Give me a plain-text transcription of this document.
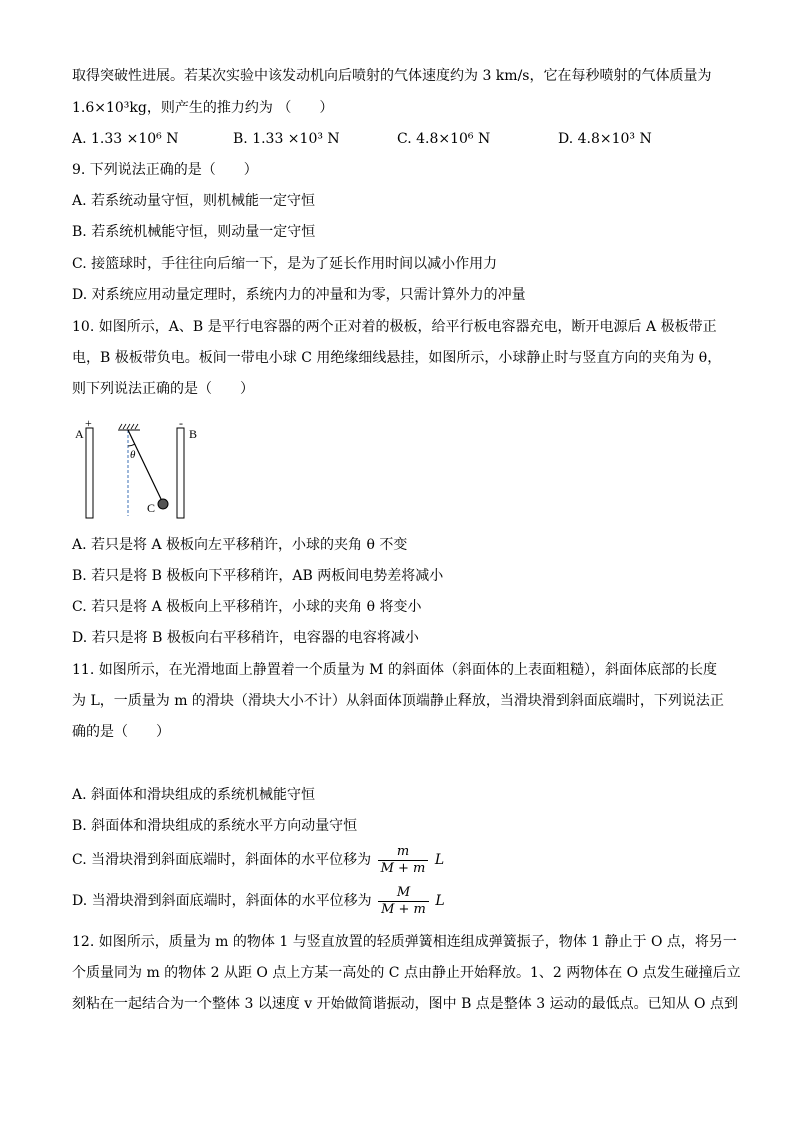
取得突破性进展。若某次实验中该发动机向后喷射的气体速度约为 3 km/s，它在每秒喷射的气体质量为
1.6×10³kg，则产生的推力约为 （　　）
A. 1.33 ×10⁶ N	B. 1.33 ×10³ N	C. 4.8×10⁶ N	D. 4.8×10³ N
9. 下列说法正确的是（　　）
A. 若系统动量守恒，则机械能一定守恒
B. 若系统机械能守恒，则动量一定守恒
C. 接篮球时，手往往向后缩一下，是为了延长作用时间以减小作用力
D. 对系统应用动量定理时，系统内力的冲量和为零，只需计算外力的冲量
10. 如图所示，A、B 是平行电容器的两个正对着的极板，给平行板电容器充电，断开电源后 A 极板带正
电，B 极板带负电。板间一带电小球 C 用绝缘细线悬挂，如图所示，小球静止时与竖直方向的夹角为 θ，
则下列说法正确的是（　　）
A
+	-
B
θ
C
A. 若只是将 A 极板向左平移稍许，小球的夹角 θ 不变
B. 若只是将 B 极板向下平移稍许，AB 两板间电势差将减小
C. 若只是将 A 极板向上平移稍许，小球的夹角 θ 将变小
D. 若只是将 B 极板向右平移稍许，电容器的电容将减小
11. 如图所示，在光滑地面上静置着一个质量为 M 的斜面体（斜面体的上表面粗糙），斜面体底部的长度
为 L，一质量为 m 的滑块（滑块大小不计）从斜面体顶端静止释放，当滑块滑到斜面底端时，下列说法正
确的是（　　）
A. 斜面体和滑块组成的系统机械能守恒
B. 斜面体和滑块组成的系统水平方向动量守恒
C. 当滑块滑到斜面底端时，斜面体的水平位移为 $\frac{m}{M + m}$ L
D. 当滑块滑到斜面底端时，斜面体的水平位移为 $\frac{M}{M + m}$ L
12. 如图所示，质量为 m 的物体 1 与竖直放置的轻质弹簧相连组成弹簧振子，物体 1 静止于 O 点，将另一
个质量同为 m 的物体 2 从距 O 点上方某一高处的 C 点由静止开始释放。1、2 两物体在 O 点发生碰撞后立
刻粘在一起结合为一个整体 3 以速度 v 开始做简谐振动，图中 B 点是整体 3 运动的最低点。已知从 O 点到
